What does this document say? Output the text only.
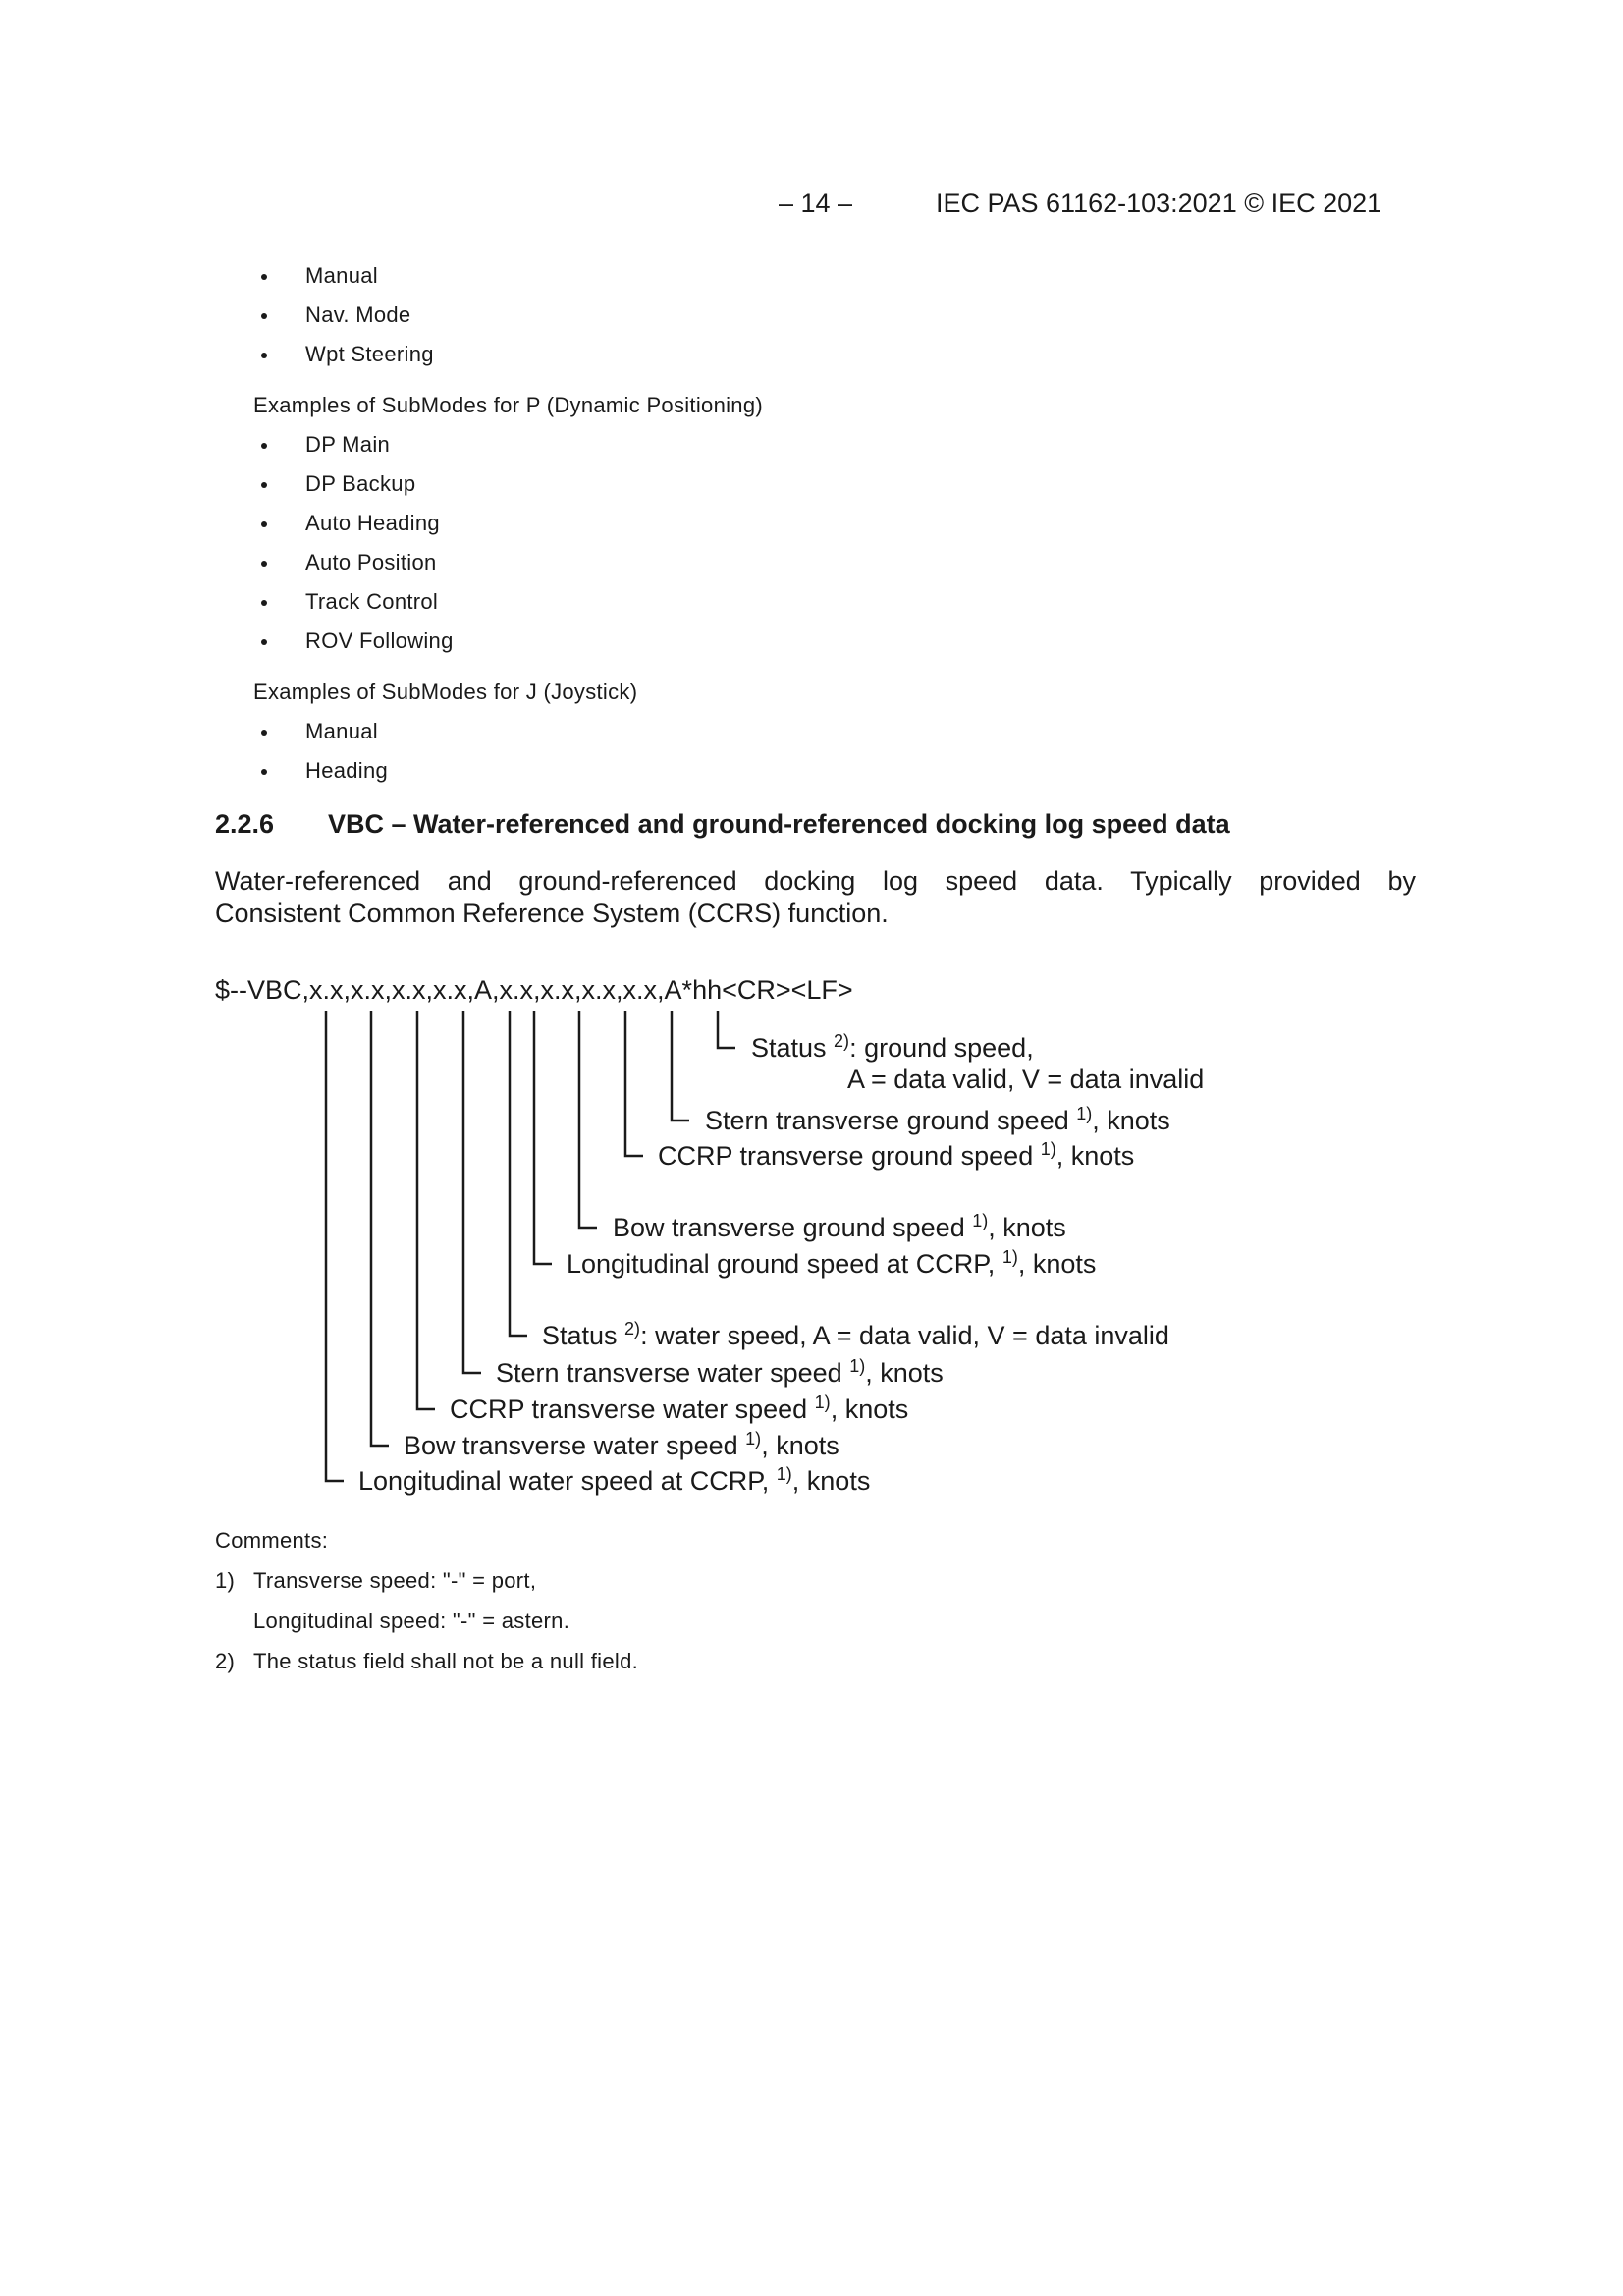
– 14 –	IEC PAS 61162-103:2021 © IEC 2021
Manual
Nav. Mode
Wpt Steering
Examples of SubModes for P (Dynamic Positioning)
DP Main
DP Backup
Auto Heading
Auto Position
Track Control
ROV Following
Examples of SubModes for J (Joystick)
Manual
Heading
2.2.6 VBC – Water-referenced and ground-referenced docking log speed data
Water-referenced and ground-referenced docking log speed data. Typically provided by
Consistent Common Reference System (CCRS) function.
$--VBC,x.x,x.x,x.x,x.x,A,x.x,x.x,x.x,x.x,A*hh<CR><LF>
Status $^{2)}$: ground speed,
A = data valid, V = data invalid
Stern transverse ground speed $^{1)}$, knots
CCRP transverse ground speed $^{1)}$, knots
Bow transverse ground speed $^{1)}$, knots
Longitudinal ground speed at CCRP, $^{1)}$, knots
Status $^{2)}$: water speed, A = data valid, V = data invalid
Stern transverse water speed $^{1)}$, knots
CCRP transverse water speed $^{1)}$, knots
Bow transverse water speed $^{1)}$, knots
Longitudinal water speed at CCRP, $^{1)}$, knots
Comments:
1) Transverse speed: "-" = port,
Longitudinal speed: "-" = astern.
2) The status field shall not be a null field.
